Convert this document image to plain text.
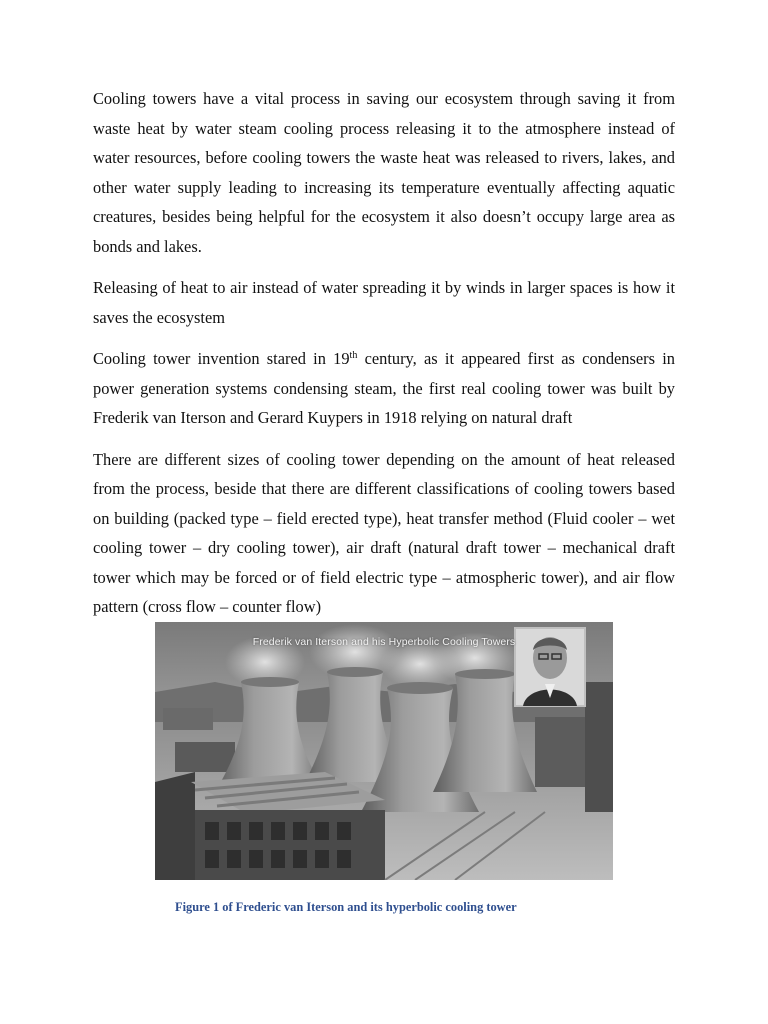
Cooling towers have a vital process in saving our ecosystem through saving it from waste heat by water steam cooling process releasing it to the atmosphere instead of water resources, before cooling towers the waste heat was released to rivers, lakes, and other water supply leading to increasing its temperature eventually affecting aquatic creatures, besides being helpful for the ecosystem it also doesn’t occupy large area as bonds and lakes.

Releasing of heat to air instead of water spreading it by winds in larger spaces is how it saves the ecosystem

Cooling tower invention stared in 19th century, as it appeared first as condensers in power generation systems condensing steam, the first real cooling tower was built by Frederik van Iterson and Gerard Kuypers in 1918 relying on natural draft

There are different sizes of cooling tower depending on the amount of heat released from the process, beside that there are different classifications of cooling towers based on building (packed type – field erected type), heat transfer method (Fluid cooler – wet cooling tower – dry cooling tower), air draft (natural draft tower – mechanical draft tower which may be forced or of field electric type – atmospheric tower), and air flow pattern (cross flow – counter flow)

Frederik van Iterson and his Hyperbolic Cooling Towers
Figure 1 of Frederic van Iterson and its hyperbolic cooling tower
